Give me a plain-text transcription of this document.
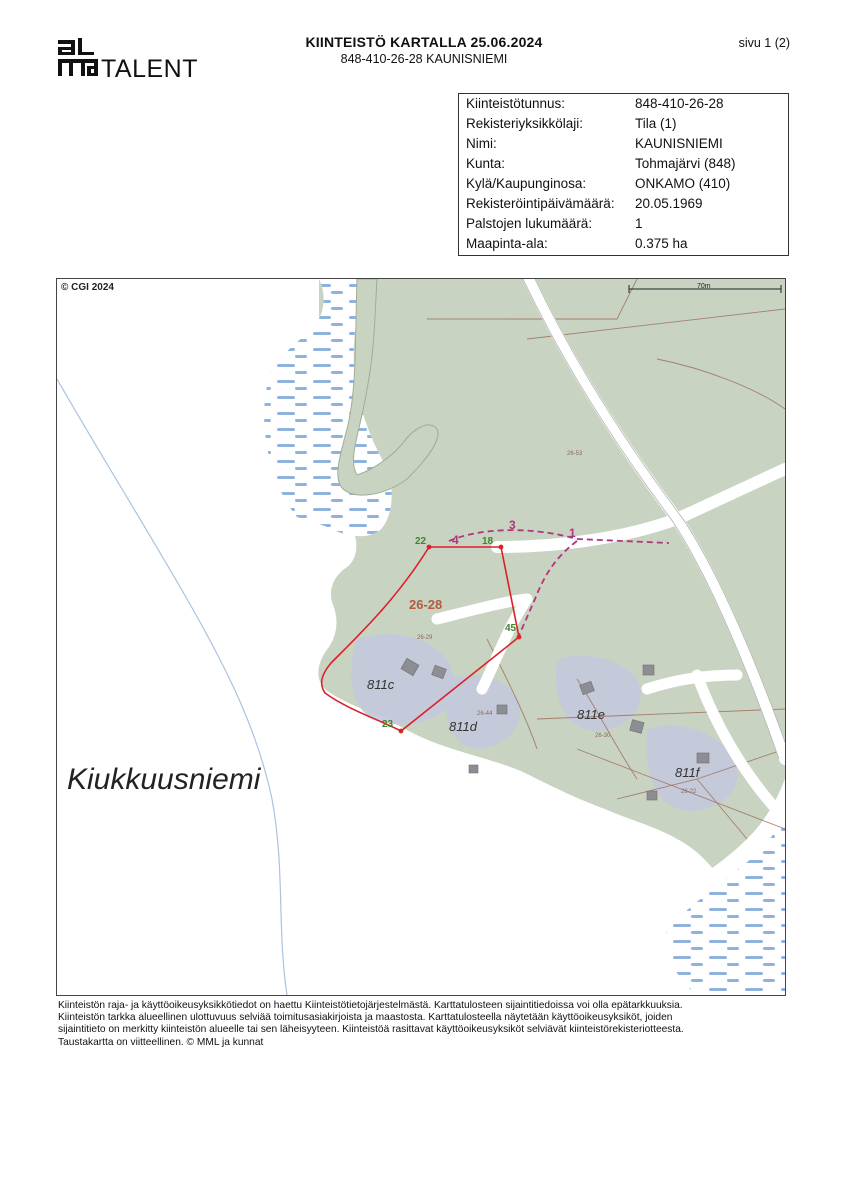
TALENT
KIINTEISTÖ KARTALLA 25.06.2024
848-410-26-28 KAUNISNIEMI
sivu 1 (2)
Kiinteistötunnus:	848-410-26-28
Rekisteriyksikkölaji:	Tila (1)
Nimi:	KAUNISNIEMI
Kunta:	Tohmajärvi (848)
Kylä/Kaupunginosa:	ONKAMO (410)
Rekisteröintipäivämäärä:	20.05.1969
Palstojen lukumäärä:	1
Maapinta-ala:	0.375 ha
70m
© CGI 2024
Kiukkuusniemi
26-28
22	18
45
23
4
3
1
811c
811d
811e
811f
26-53
26-29
26-44
26-30
26-22
Kiinteistön raja- ja käyttöoikeusyksikkötiedot on haettu Kiinteistötietojärjestelmästä. Karttatulosteen sijaintitiedoissa voi olla epätarkkuuksia.
Kiinteistön tarkka alueellinen ulottuvuus selviää toimitusasiakirjoista ja maastosta. Karttatulosteella näytetään käyttöoikeusyksiköt, joiden
sijaintitieto on merkitty kiinteistön alueelle tai sen läheisyyteen. Kiinteistöä rasittavat käyttöoikeusyksiköt selviävät kiinteistörekisteriotteesta.
Taustakartta on viitteellinen. © MML ja kunnat
